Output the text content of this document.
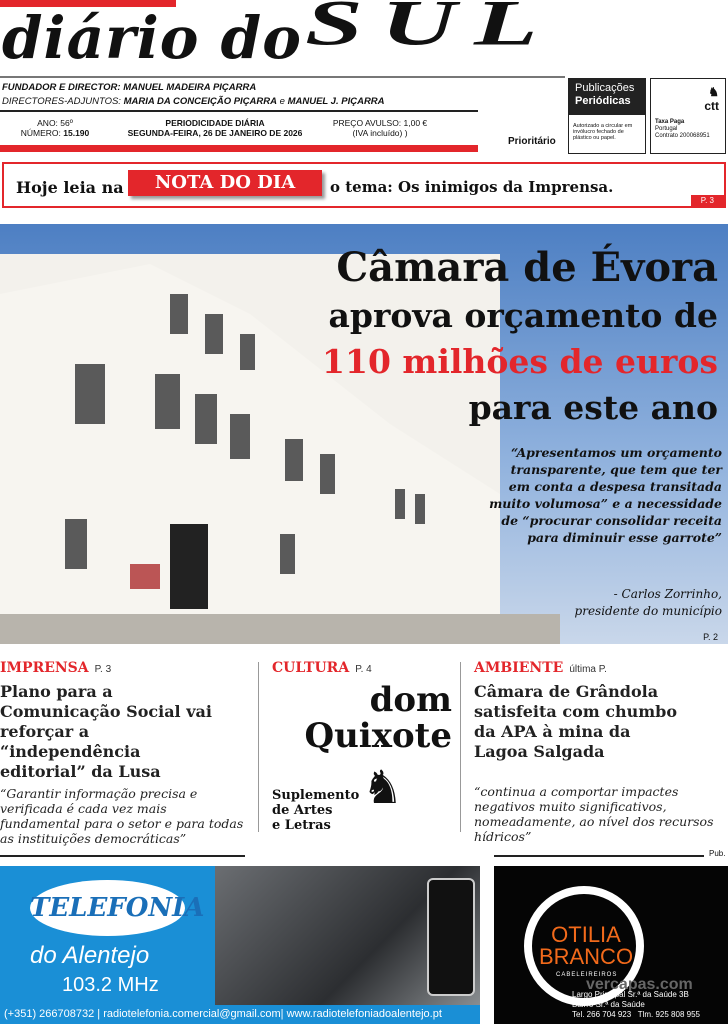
diário do SUL
FUNDADOR E DIRECTOR: MANUEL MADEIRA PIÇARRA
DIRECTORES-ADJUNTOS: MARIA DA CONCEIÇÃO PIÇARRA e MANUEL J. PIÇARRA
ANO: 56º
NÚMERO: 15.190
PERIODICIDADE DIÁRIA
SEGUNDA-FEIRA, 26 DE JANEIRO DE 2026
PREÇO AVULSO: 1,00 €
(IVA incluído) )
Prioritário
Publicações
Periódicas
Autorizado a circular em invólucro fechado de plástico ou papel.
♞
ctt
Taxa Paga
Portugal
Contrato 200068951
Hoje leia na	NOTA DO DIA	o tema: Os inimigos da Imprensa.
P. 3
Câmara de Évora
aprova orçamento de
110 milhões de euros
para este ano
“Apresentamos um orçamento transparente, que tem que ter em conta a despesa transitada muito volumosa” e a necessidade de “procurar consolidar receita para diminuir esse garrote”
- Carlos Zorrinho,
presidente do município
P. 2
IMPRENSA P. 3
Plano para a Comunicação Social vai reforçar a “independência editorial” da Lusa
“Garantir informação precisa e verificada é cada vez mais fundamental para o setor e para todas as instituições democráticas”
CULTURA P. 4
dom
Quixote
Suplemento
de Artes
e Letras
♞
AMBIENTE última P.
Câmara de Grândola satisfeita com chumbo da APA à mina da Lagoa Salgada
“continua a comportar impactes negativos muito significativos, nomeadamente, ao nível dos recursos hídricos”
Pub.
TELEFONIA
do Alentejo
103.2 MHz
(+351) 266708732 | radiotelefonia.comercial@gmail.com| www.radiotelefoniadoalentejo.pt
OTILIA
BRANCO
CABELEIREIROS
vercapas.com
Largo Principal Sr.ª da Saúde 3B
Bairro Sr.ª da Saúde
Tel. 266 704 923 Tlm. 925 808 955
